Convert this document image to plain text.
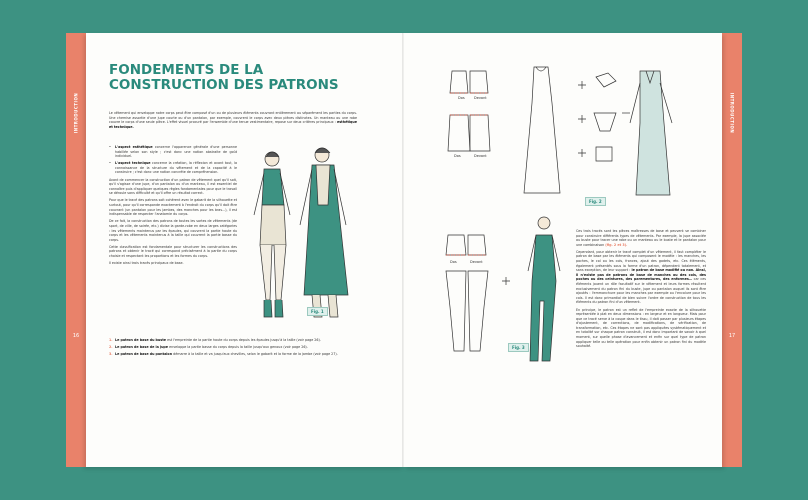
INTRODUCTION
16
INTRODUCTION
17
FONDEMENTS DE LA
CONSTRUCTION DES PATRONS

Le vêtement qui enveloppe notre corps peut être composé d'un ou de plusieurs éléments couvrant entièrement ou séparément les parties du corps. Une chemise assortie d'une jupe courte ou d'un pantalon, par exemple, couvrent le corps avec deux pièces distinctes. Un manteau ou une robe couvre le corps d'une seule pièce. L'effet visuel procuré par l'ensemble d'une tenue vestimentaire, repose sur deux critères principaux : esthétique et technique.

• L'aspect esthétique concerne l'apparence générale d'une personne habillée selon son style ; c'est donc une notion abstraite de goût individuel.

• L'aspect technique concerne la création, la réflexion et avant tout, la connaissance de la structure du vêtement et de la capacité à le construire ; c'est donc une notion concrète de compréhension.

Avant de commencer la construction d'un patron de vêtement quel qu'il soit, qu'il s'agisse d'une jupe, d'un pantalon ou d'un manteau, il est essentiel de connaître puis d'appliquer quelques règles fondamentales pour que le travail se déroule sans difficulté et qu'il offre un résultat correct.

Pour que le tracé des patrons soit cohérent avec le gabarit de la silhouette et surtout, pour qu'il corresponde exactement à l'endroit du corps qu'il doit être couvrant (un pantalon pour les jambes, des manches pour les bras...), il est indispensable de respecter l'anatomie du corps.

De ce fait, la construction des patrons de toutes les sortes de vêtements (de sport, de ville, de soirée, etc.) divise la garde-robe en deux larges catégories : les vêtements maintenus par les épaules, qui couvrent la partie haute du corps et les vêtements maintenus à la taille qui couvrent la partie basse du corps.

Cette classification est fondamentale pour structurer les constructions des patrons et obtenir le tracé qui correspond précisément à la partie du corps choisie et respectant les proportions et les formes du corps.

Il existe ainsi trois tracés principaux de base.

1. Le patron de base du buste est l'empreinte de la partie haute du corps depuis les épaules jusqu'à la taille (voir page 26).

2. Le patron de base de la jupe enveloppe la partie basse du corps depuis la taille jusqu'aux genoux (voir page 26).

3. Le patron de base du pantalon démarre à la taille et va jusqu'aux chevilles, selon le gabarit et la forme de la jambe (voir page 27).

Fig. 1
Dos	Devant
Dos	Devant
Fig. 2
Dos	Devant
Fig. 3

Ces trois tracés sont les pièces maîtresses de base et peuvent se combiner pour construire différents types de vêtements. Par exemple, la jupe associée au buste pour tracer une robe ou un manteau ou le buste et le pantalon pour une combinaison (fig. 2 et 3).

Cependant, pour obtenir le tracé complet d'un vêtement, il faut compléter le patron de base par les éléments qui composent le modèle : les manches, les poches, le col ou les cols, fronces, ajout des godets, etc. Ces éléments, également présentés sous la forme d'un patron, dépendent totalement, et sans exception, de leur support : le patron de base modifié ou non. Ainsi, il n'existe pas de patrons de base de manches ou des cols, des poches ou des ceintures, des parementures, des enformes… car ces éléments jouent un rôle facultatif sur le vêtement et leurs formes résultent exclusivement du patron fini du buste, jupe ou pantalon auquel ils sont être ajoutés : l'emmanchure pour les manches par exemple ou l'encolure pour les cols. Il est donc primordial de bien suivre l'ordre de construction de tous les éléments du patron fini d'un vêtement.

En principe, le patron est un reflet de l'empreinte exacte de la silhouette représentée à plat en deux dimensions : en largeur et en longueur. Mais pour que ce tracé serve à la coupe dans le tissu, il doit passer par plusieurs étapes d'ajustement, de corrections, de modifications, de vérification, de transformation, etc. Ces étapes ne sont pas appliquées systématiquement et en totalité sur chaque patron construit, il est donc important de savoir à quel moment, sur quelle phase d'avancement et enfin sur quel type de patron appliquer telle ou telle opération pour enfin obtenir un patron fini du modèle souhaité.
